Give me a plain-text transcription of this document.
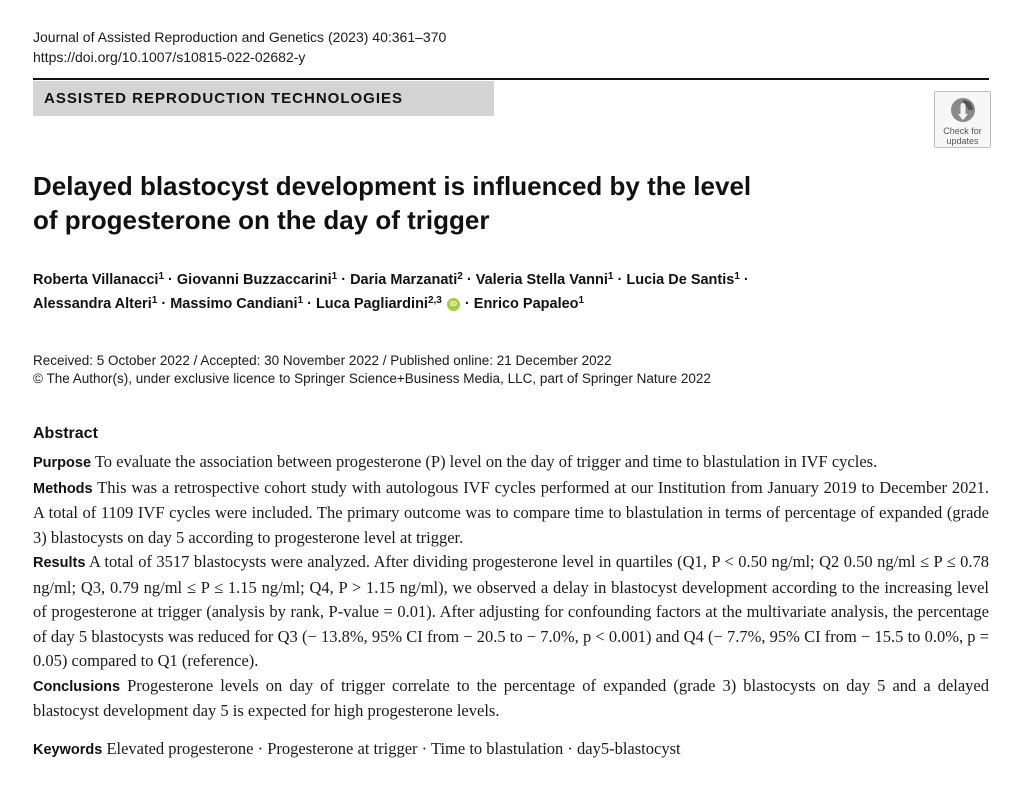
Journal of Assisted Reproduction and Genetics (2023) 40:361–370
https://doi.org/10.1007/s10815-022-02682-y
ASSISTED REPRODUCTION TECHNOLOGIES
Check for
updates
Delayed blastocyst development is influenced by the level
of progesterone on the day of trigger
Roberta Villanacci$^1$ · Giovanni Buzzaccarini$^1$ · Daria Marzanati$^2$ · Valeria Stella Vanni$^1$ · Lucia De Santis$^1$ ·
Alessandra Alteri$^1$ · Massimo Candiani$^1$ · Luca Pagliardini$^{2,3}$ iD · Enrico Papaleo$^1$
Received: 5 October 2022 / Accepted: 30 November 2022 / Published online: 21 December 2022
© The Author(s), under exclusive licence to Springer Science+Business Media, LLC, part of Springer Nature 2022
Abstract

Purpose To evaluate the association between progesterone (P) level on the day of trigger and time to blastulation in IVF cycles.

Methods This was a retrospective cohort study with autologous IVF cycles performed at our Institution from January 2019 to December 2021. A total of 1109 IVF cycles were included. The primary outcome was to compare time to blastulation in terms of percentage of expanded (grade 3) blastocysts on day 5 according to progesterone level at trigger.

Results A total of 3517 blastocysts were analyzed. After dividing progesterone level in quartiles (Q1, P < 0.50 ng/ml; Q2 0.50 ng/ml ≤ P ≤ 0.78 ng/ml; Q3, 0.79 ng/ml ≤ P ≤ 1.15 ng/ml; Q4, P > 1.15 ng/ml), we observed a delay in blastocyst development according to the increasing level of progesterone at trigger (analysis by rank, P-value = 0.01). After adjusting for confounding factors at the multivariate analysis, the percentage of day 5 blastocysts was reduced for Q3 (− 13.8%, 95% CI from − 20.5 to − 7.0%, p < 0.001) and Q4 (− 7.7%, 95% CI from − 15.5 to 0.0%, p = 0.05) compared to Q1 (reference).

Conclusions Progesterone levels on day of trigger correlate to the percentage of expanded (grade 3) blastocysts on day 5 and a delayed blastocyst development day 5 is expected for high progesterone levels.

Keywords Elevated progesterone · Progesterone at trigger · Time to blastulation · day5-blastocyst
